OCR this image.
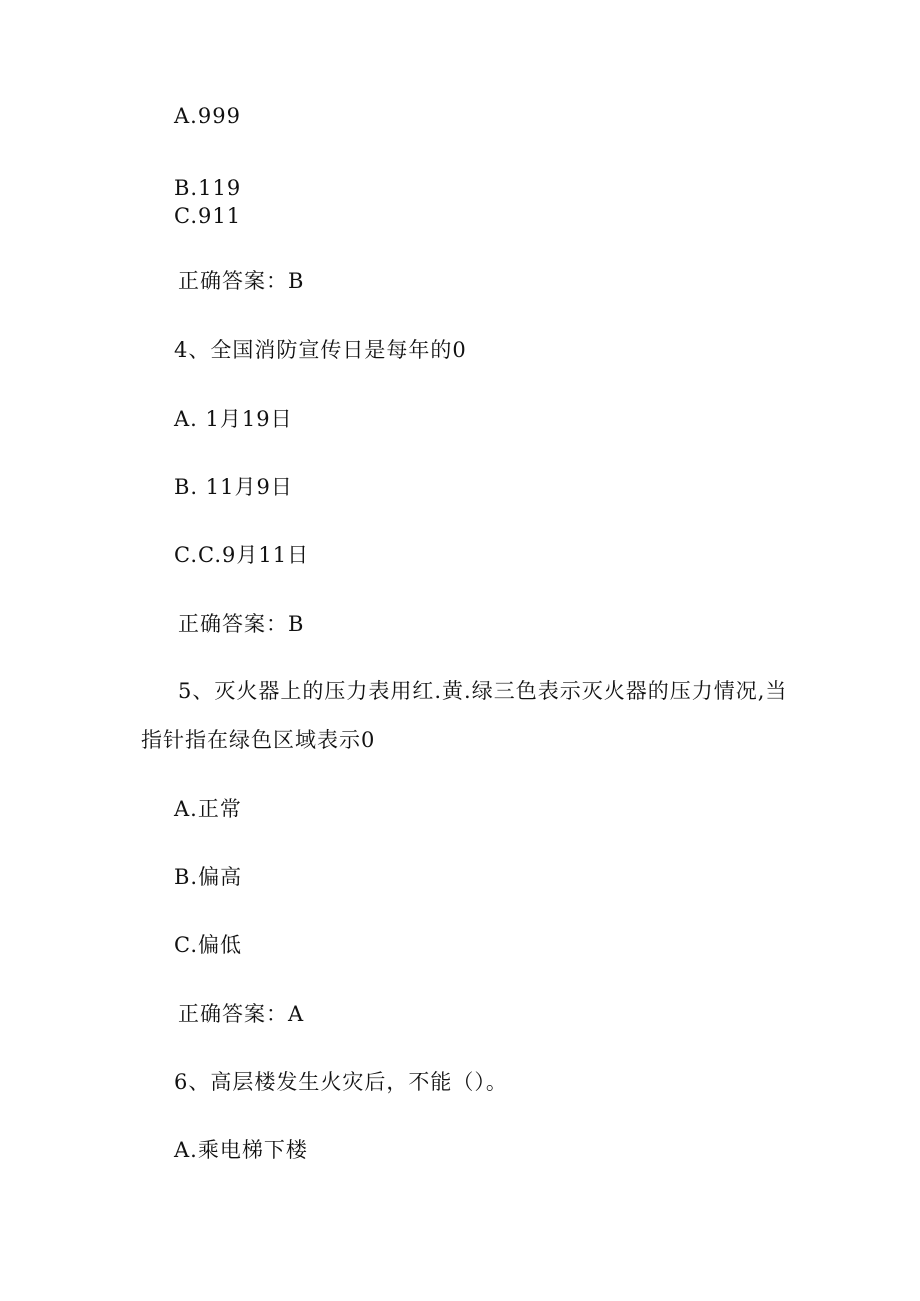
A.999
B.119
C.911
正确答案：B
4、全国消防宣传日是每年的0
A. 1月19日
B. 11月9日
C.C.9月11日
正确答案：B
5、灭火器上的压力表用红.黄.绿三色表示灭火器的压力情况,当
指针指在绿色区域表示0
A.正常
B.偏高
C.偏低
正确答案：A
6、高层楼发生火灾后，不能（）。
A.乘电梯下楼
